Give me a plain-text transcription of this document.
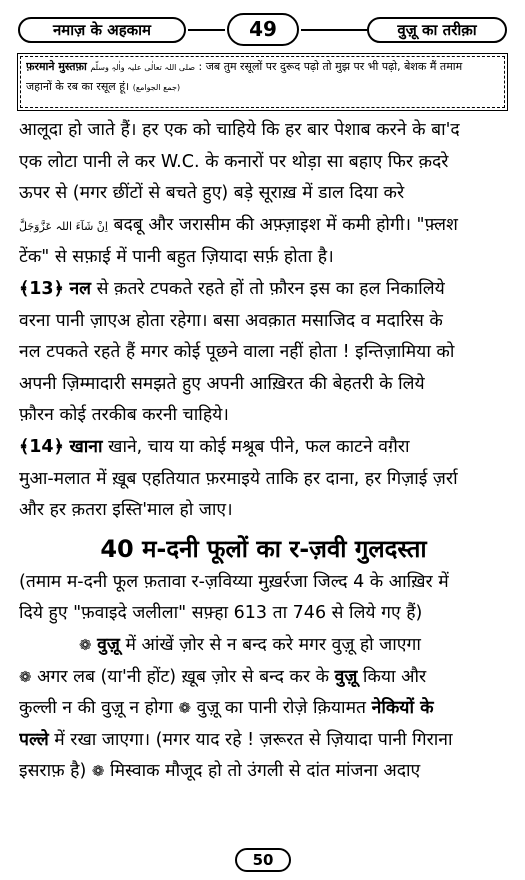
नमाज़ के अहकाम	49	वुज़ू का तरीक़ा
फ़रमाने मुस्तफ़ा صلی اللہ تعالٰی علیہ واٰلہٖ وسلّم : जब तुम रसूलों पर दुरूद पढ़ो तो मुझ पर भी पढ़ो, बेशक मैं तमाम
जहानों के रब का रसूल हूं। (جمع الجوامع)
आलूदा हो जाते हैं। हर एक को चाहिये कि हर बार पेशाब करने के बा'द
एक लोटा पानी ले कर W.C. के कनारों पर थोड़ा सा बहाए फिर क़दरे
ऊपर से (मगर छींटों से बचते हुए) बड़े सूराख़ में डाल दिया करे
اِنْ شَآءَ اللہ عَزَّوَجَلَّ बदबू और जरासीम की अफ़्ज़ाइश में कमी होगी। "फ़्लश
टेंक" से सफ़ाई में पानी बहुत ज़ियादा सर्फ़ होता है।
﴾13﴿ नल से क़तरे टपकते रहते हों तो फ़ौरन इस का हल निकालिये
वरना पानी ज़ाएअ होता रहेगा। बसा अवक़ात मसाजिद व मदारिस के
नल टपकते रहते हैं मगर कोई पूछने वाला नहीं होता ! इन्तिज़ामिया को
अपनी ज़िम्मादारी समझते हुए अपनी आख़िरत की बेहतरी के लिये
फ़ौरन कोई तरकीब करनी चाहिये।
﴾14﴿ खाना खाने, चाय या कोई मश्रूब पीने, फल काटने वग़ैरा
मुआ-मलात में ख़ूब एहतियात फ़रमाइये ताकि हर दाना, हर गिज़ाई ज़र्रा
और हर क़तरा इस्ति'माल हो जाए।
40 म-दनी फूलों का र-ज़वी गुलदस्ता
(तमाम म-दनी फूल फ़तावा र-ज़विय्या मुख़र्रजा जिल्द 4 के आख़िर में
दिये हुए "फ़वाइदे जलीला" सफ़्हा 613 ता 746 से लिये गए हैं)
❁ वुज़ू में आंखें ज़ोर से न बन्द करे मगर वुज़ू हो जाएगा
❁ अगर लब (या'नी होंट) ख़ूब ज़ोर से बन्द कर के वुज़ू किया और
कुल्ली न की वुज़ू न होगा ❁ वुज़ू का पानी रोज़े क़ियामत नेकियों के
पल्ले में रखा जाएगा। (मगर याद रहे ! ज़रूरत से ज़ियादा पानी गिराना
इसराफ़ है) ❁ मिस्वाक मौजूद हो तो उंगली से दांत मांजना अदाए
50
